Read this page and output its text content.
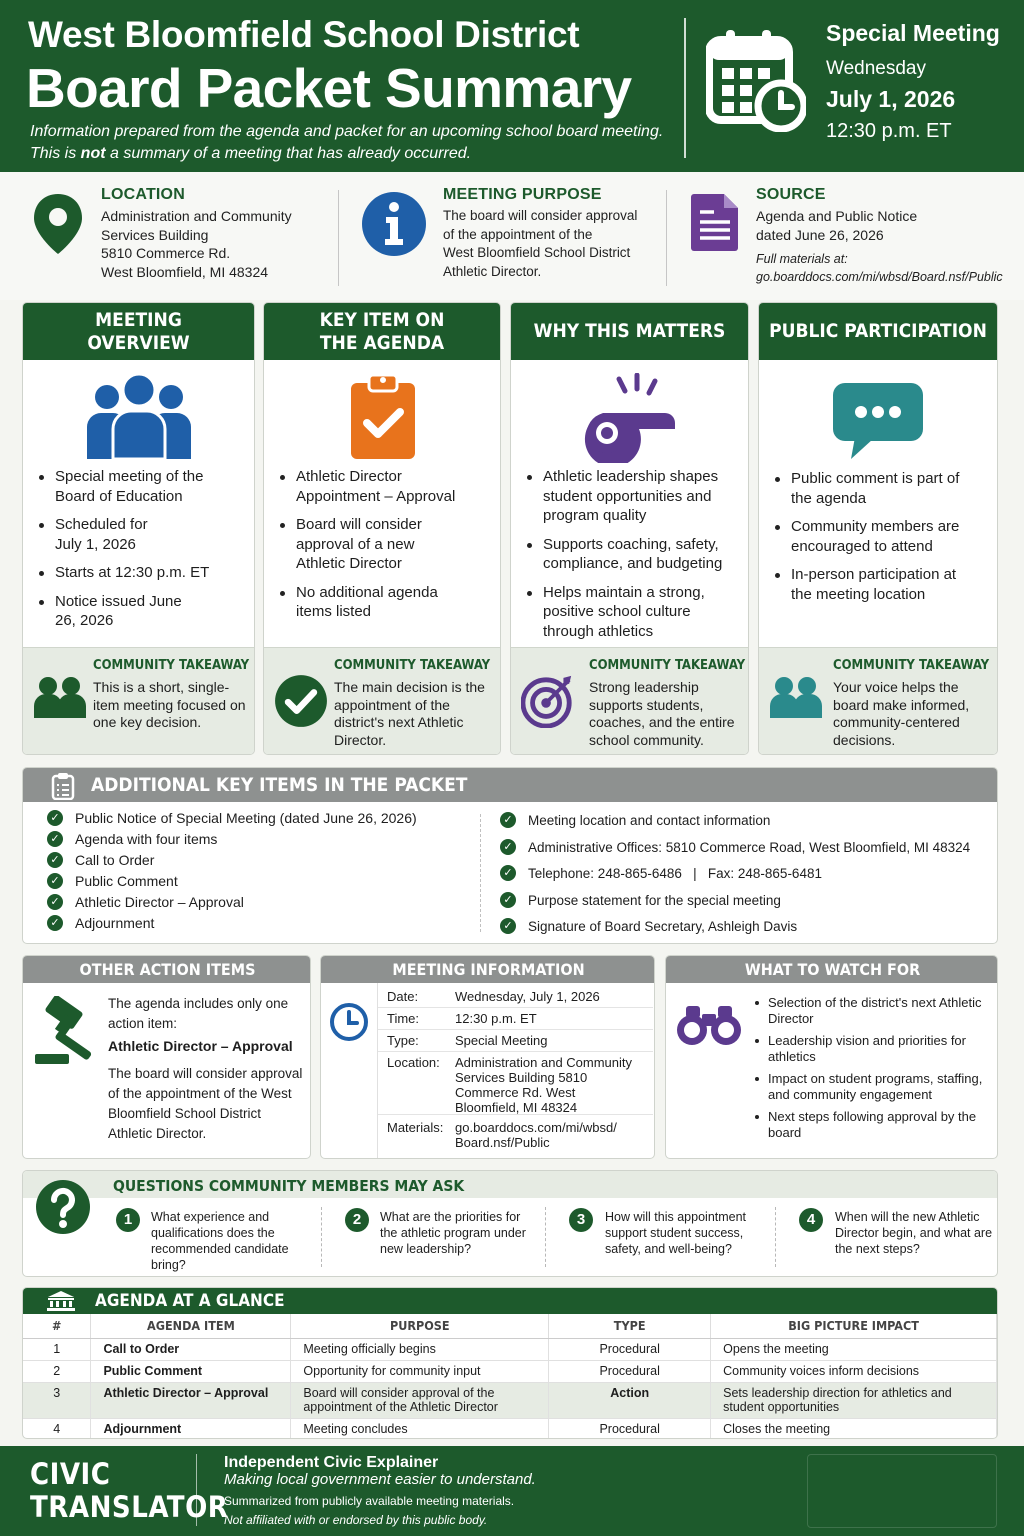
West Bloomfield School District
Board Packet Summary
Information prepared from the agenda and packet for an upcoming school board meeting. This is not a summary of a meeting that has already occurred.
Special Meeting
Wednesday
July 1, 2026
12:30 p.m. ET
LOCATION
Administration and Community
Services Building
5810 Commerce Rd.
West Bloomfield, MI 48324
MEETING PURPOSE
The board will consider approval
of the appointment of the
West Bloomfield School District
Athletic Director.
SOURCE
Agenda and Public Notice
dated June 26, 2026
Full materials at:
go.boarddocs.com/mi/wbsd/Board.nsf/Public
MEETING OVERVIEW
Special meeting of the Board of Education
Scheduled for July 1, 2026
Starts at 12:30 p.m. ET
Notice issued June 26, 2026
COMMUNITY TAKEAWAY
This is a short, single-item meeting focused on one key decision.
KEY ITEM ON THE AGENDA
Athletic Director Appointment – Approval
Board will consider approval of a new Athletic Director
No additional agenda items listed
COMMUNITY TAKEAWAY
The main decision is the appointment of the district's next Athletic Director.
WHY THIS MATTERS
Athletic leadership shapes student opportunities and program quality
Supports coaching, safety, compliance, and budgeting
Helps maintain a strong, positive school culture through athletics
COMMUNITY TAKEAWAY
Strong leadership supports students, coaches, and the entire school community.
PUBLIC PARTICIPATION
Public comment is part of the agenda
Community members are encouraged to attend
In-person participation at the meeting location
COMMUNITY TAKEAWAY
Your voice helps the board make informed, community-centered decisions.
ADDITIONAL KEY ITEMS IN THE PACKET
✓ Public Notice of Special Meeting (dated June 26, 2026)
✓ Agenda with four items
✓ Call to Order
✓ Public Comment
✓ Athletic Director – Approval
✓ Adjournment
✓ Meeting location and contact information
✓ Administrative Offices: 5810 Commerce Road, West Bloomfield, MI 48324
✓ Telephone: 248-865-6486   |   Fax: 248-865-6481
✓ Purpose statement for the special meeting
✓ Signature of Board Secretary, Ashleigh Davis
OTHER ACTION ITEMS
The agenda includes only one action item:
Athletic Director – Approval
The board will consider approval of the appointment of the West Bloomfield School District Athletic Director.
MEETING INFORMATION
Date:	Wednesday, July 1, 2026
Time:	12:30 p.m. ET
Type:	Special Meeting
Location: Administration and Community Services Building 5810 Commerce Rd. West Bloomfield, MI 48324
Materials: go.boarddocs.com/mi/wbsd/ Board.nsf/Public
WHAT TO WATCH FOR
Selection of the district's next Athletic Director
Leadership vision and priorities for athletics
Impact on student programs, staffing, and community engagement
Next steps following approval by the board
QUESTIONS COMMUNITY MEMBERS MAY ASK
1	What experience and qualifications does the recommended candidate bring?
2	What are the priorities for the athletic program under new leadership?
3	How will this appointment support student success, safety, and well-being?
4	When will the new Athletic Director begin, and what are the next steps?
AGENDA AT A GLANCE
#	AGENDA ITEM	PURPOSE	TYPE	BIG PICTURE IMPACT
1	Call to Order	Meeting officially begins	Procedural	Opens the meeting
2	Public Comment	Opportunity for community input	Procedural	Community voices inform decisions
3	Athletic Director – Approval	Board will consider approval of the appointment of the Athletic Director	Action	Sets leadership direction for athletics and student opportunities
4	Adjournment	Meeting concludes	Procedural	Closes the meeting
CIVIC
TRANSLATOR
Independent Civic Explainer
Making local government easier to understand.
Summarized from publicly available meeting materials.
Not affiliated with or endorsed by this public body.
